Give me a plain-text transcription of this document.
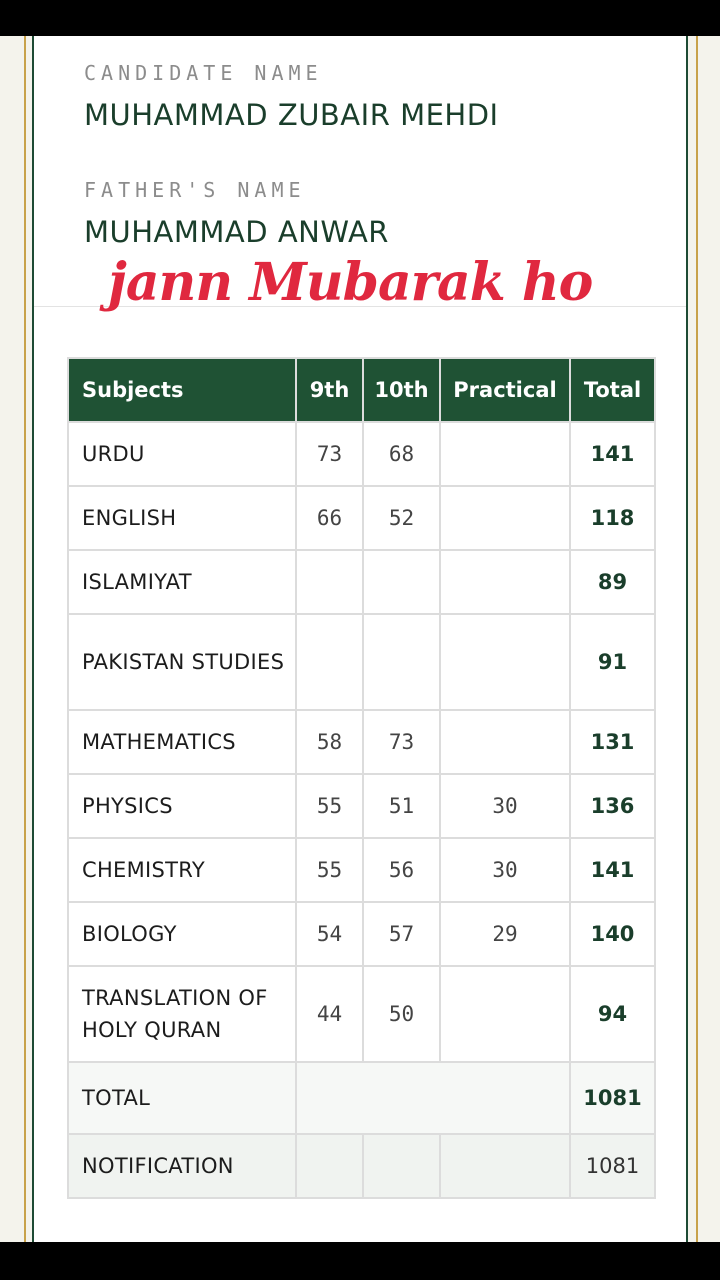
CANDIDATE NAME
MUHAMMAD ZUBAIR MEHDI
FATHER'S NAME
MUHAMMAD ANWAR
jann Mubarak ho
Subjects	9th	10th	Practical	Total
URDU	73	68		141
ENGLISH	66	52		118
ISLAMIYAT				89
PAKISTAN STUDIES				91
MATHEMATICS	58	73		131
PHYSICS	55	51	30	136
CHEMISTRY	55	56	30	141
BIOLOGY	54	57	29	140
TRANSLATION OF HOLY QURAN	44	50		94
TOTAL				1081
NOTIFICATION				1081
